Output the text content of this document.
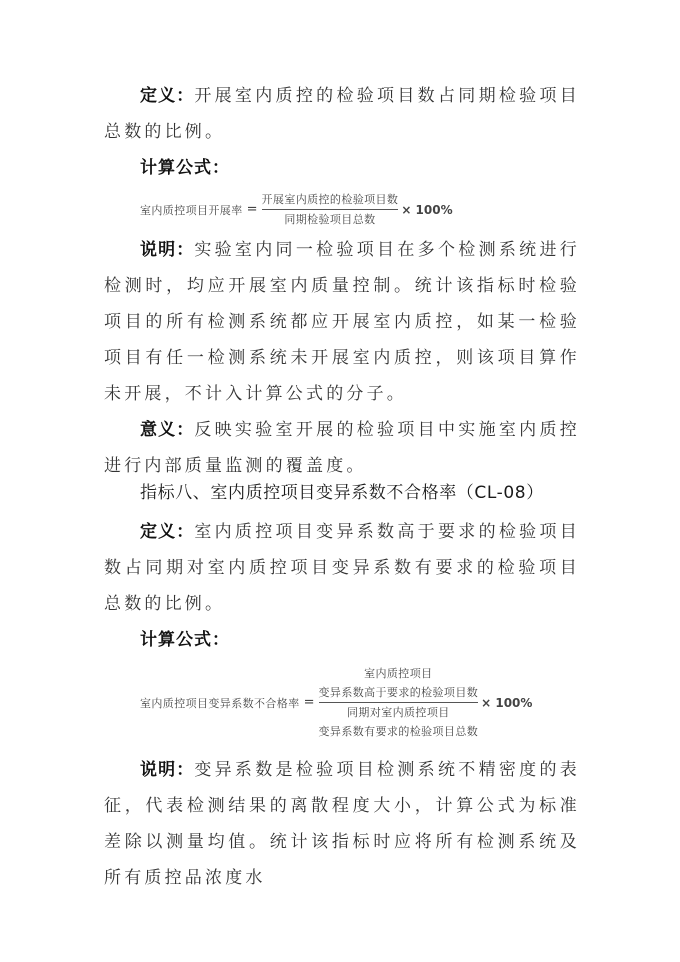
定义：开展室内质控的检验项目数占同期检验项目总数的比例。
计算公式：
室内质控项目开展率 = $\frac{\text{开展室内质控的检验项目数}}{\text{同期检验项目总数}} \times 100\%$
说明：实验室内同一检验项目在多个检测系统进行检测时，均应开展室内质量控制。统计该指标时检验项目的所有检测系统都应开展室内质控，如某一检验项目有任一检测系统未开展室内质控，则该项目算作未开展，不计入计算公式的分子。
意义：反映实验室开展的检验项目中实施室内质控进行内部质量监测的覆盖度。
指标八、室内质控项目变异系数不合格率（CL-08）
定义：室内质控项目变异系数高于要求的检验项目数占同期对室内质控项目变异系数有要求的检验项目总数的比例。
计算公式：
室内质控项目变异系数不合格率 =
室内质控项目
变异系数高于要求的检验项目数
同期对室内质控项目
变异系数有要求的检验项目总数
× 100%
说明：变异系数是检验项目检测系统不精密度的表征，代表检测结果的离散程度大小，计算公式为标准差除以测量均值。统计该指标时应将所有检测系统及所有质控品浓度水
